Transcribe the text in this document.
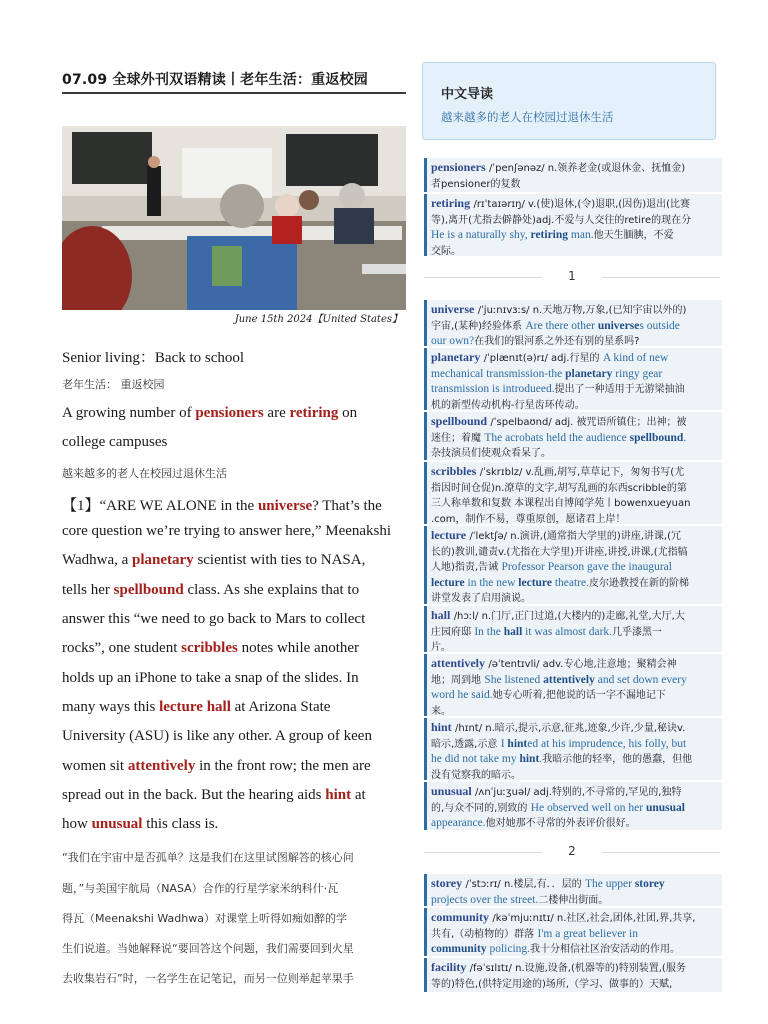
07.09 全球外刊双语精读丨老年生活：重返校园
June 15th 2024【United States】
Senior living：Back to school
老年生活： 重返校园
A growing number of pensioners are retiring on
college campuses
越来越多的老人在校园过退休生活
【1】“ARE WE ALONE in the universe? That’s the
core question we’re trying to answer here,” Meenakshi
Wadhwa, a planetary scientist with ties to NASA,
tells her spellbound class. As she explains that to
answer this “we need to go back to Mars to collect
rocks”, one student scribbles notes while another
holds up an iPhone to take a snap of the slides. In
many ways this lecture hall at Arizona State
University (ASU) is like any other. A group of keen
women sit attentively in the front row; the men are
spread out in the back. But the hearing aids hint at
how unusual this class is.
“我们在宇宙中是否孤单？这是我们在这里试图解答的核心问
题，”与美国宇航局（NASA）合作的行星学家米纳科什·瓦
得瓦（Meenakshi Wadhwa）对课堂上听得如痴如醉的学
生们说道。当她解释说“要回答这个问题，我们需要回到火星
去收集岩石”时，一名学生在记笔记，而另一位则举起苹果手
中文导读
越来越多的老人在校园过退休生活
pensioners /ˈpenʃənəz/ n.领养老金(或退休金、抚恤金)
者pensioner的复数
retiring /rɪˈtaɪərɪŋ/ v.(使)退休,(令)退职,(因伤)退出(比赛
等),离开(尤指去僻静处)adj.不爱与人交往的retire的现在分
He is a naturally shy, retiring man.他天生腼腆，不爱
交际。
1
universe /ˈjuːnɪvɜːs/ n.天地万物,万象,(已知宇宙以外的)
宇宙,(某种)经验体系 Are there other universes outside
our own?在我们的银河系之外还有别的星系吗?
planetary /ˈplænɪt(ə)rɪ/ adj.行星的 A kind of new
mechanical transmission-the planetary ringy gear
transmission is introdueed.提出了一种适用于无游梁抽油
机的新型传动机构-行星齿环传动。
spellbound /ˈspelbaʊnd/ adj. 被咒语所镇住；出神；被
迷住；着魔 The acrobats held the audience spellbound.
杂技演员们使观众看呆了。
scribbles /ˈskrɪblz/ v.乱画,胡写,草草记下，匆匆书写(尤
指因时间仓促)n.潦草的文字,胡写乱画的东西scribble的第
三人称单数和复数 本课程出自博闻学苑丨bowenxueyuan
.com，制作不易，尊重原创，愿诸君上岸！
lecture /ˈlektʃə/ n.演讲,(通常指大学里的)讲座,讲课,(冗
长的)教训,谴责v.(尤指在大学里)开讲座,讲授,讲课,(尤指犒
人地)指责,告诫 Professor Pearson gave the inaugural
lecture in the new lecture theatre.皮尔逊教授在新的阶梯
讲堂发表了启用演说。
hall /hɔːl/ n.门厅,正门过道,(大楼内的)走廊,礼堂,大厅,大
庄园府邸 In the hall it was almost dark.几乎漆黑一
片。
attentively /əˈtentɪvli/ adv.专心地,注意地；聚精会神
地；周到地 She listened attentively and set down every
word he said.她专心听着,把他说的话一字不漏地记下
来。
hint /hɪnt/ n.暗示,提示,示意,征兆,迹象,少许,少量,秘诀v.
暗示,透露,示意 I hinted at his imprudence, his folly, but
he did not take my hint.我暗示他的轻率，他的愚蠢，但他
没有觉察我的暗示。
unusual /ʌnˈjuːʒuəl/ adj.特别的,不寻常的,罕见的,独特
的,与众不同的,别致的 He observed well on her unusual
appearance.他对她那不寻常的外表评价很好。
2
storey /ˈstɔːrɪ/ n.楼层,有．．层的 The upper storey
projects over the street.二楼伸出街面。
community /kəˈmjuːnɪtɪ/ n.社区,社会,团体,社团,界,共享,
共有,（动植物的）群落 I'm a great believer in
community policing.我十分相信社区治安活动的作用。
facility /fəˈsɪlɪtɪ/ n.设施,设备,(机器等的)特别装置,(服务
等的)特色,(供特定用途的)场所,（学习、做事的）天赋,
